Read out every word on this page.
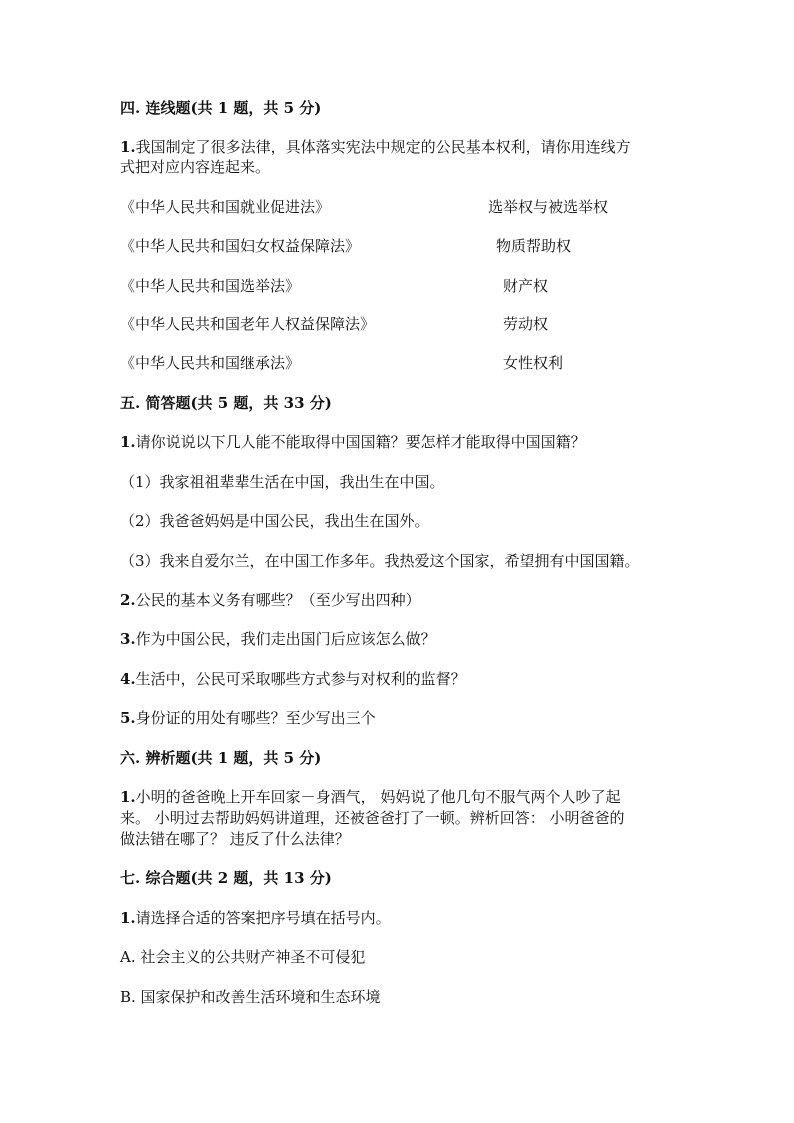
四. 连线题(共 1 题，共 5 分)
1.我国制定了很多法律，具体落实宪法中规定的公民基本权利，请你用连线方
式把对应内容连起来。
《中华人民共和国就业促进法》	选举权与被选举权
《中华人民共和国妇女权益保障法》	物质帮助权
《中华人民共和国选举法》	财产权
《中华人民共和国老年人权益保障法》	劳动权
《中华人民共和国继承法》	女性权利
五. 简答题(共 5 题，共 33 分)
1.请你说说以下几人能不能取得中国国籍？要怎样才能取得中国国籍？
（1）我家祖祖辈辈生活在中国，我出生在中国。
（2）我爸爸妈妈是中国公民，我出生在国外。
（3）我来自爱尔兰，在中国工作多年。我热爱这个国家，希望拥有中国国籍。
2.公民的基本义务有哪些？（至少写出四种）
3.作为中国公民，我们走出国门后应该怎么做？
4.生活中，公民可采取哪些方式参与对权利的监督？
5.身份证的用处有哪些？至少写出三个
六. 辨析题(共 1 题，共 5 分)
1.小明的爸爸晚上开车回家－身酒气， 妈妈说了他几句不服气两个人吵了起
来。 小明过去帮助妈妈讲道理，还被爸爸打了一顿。辨析回答： 小明爸爸的
做法错在哪了？ 违反了什么法律？
七. 综合题(共 2 题，共 13 分)
1.请选择合适的答案把序号填在括号内。
A. 社会主义的公共财产神圣不可侵犯
B. 国家保护和改善生活环境和生态环境
